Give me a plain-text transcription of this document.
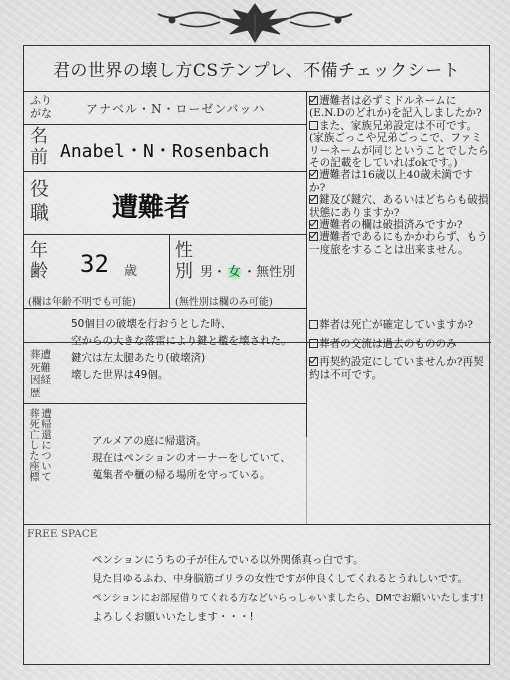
君の世界の壊し方CSテンプレ、不備チェックシート
ふり
がな	アナベル・N・ローゼンバッハ
名
前 Anabel・N・Rosenbach
役
職 遭難者
年
齢 32 歳
(欄は年齢不明でも可能)
性
別 男・ 女 ・無性別
(無性別は欄のみ可能)
遭難者は必ずミドルネームに(E.N.Dのどれか)を記入しましたか?
また、家族兄弟設定は不可です。(家族ごっこや兄弟ごっこで、ファミリーネームが同じということでしたらその記載をしていればokです。)
遭難者は16歳以上40歳未満ですか?
鍵及び鍵穴、あるいはどちらも破損状態にありますか?
遭難者の欄は破損済みですか?
遭難者であるにもかかわらず、もう一度旅をすることは出来ません。
葬遭
死難
因経
歴
50個目の破壊を行おうとした時、
空からの大きな落雷により鍵と檻を壊された。
鍵穴は左太腿あたり(破壊済)
壊した世界は49個。
葬者は死亡が確定していますか?
葬者の交流は過去のもののみ
再契約設定にしていませんか?再契約は不可です。
遭帰還について
葬死亡した座標	アルメアの庭に帰還済。
現在はペンションのオーナーをしていて、
蒐集者や櫃の帰る場所を守っている。
FREE SPACE
ペンションにうちの子が住んでいる以外関係真っ白です。
見た目ゆるふわ、中身脳筋ゴリラの女性ですが仲良くしてくれるとうれしいです。
ペンションにお部屋借りてくれる方などいらっしゃいましたら、DMでお願いいたします!
よろしくお願いいたします・・・!
